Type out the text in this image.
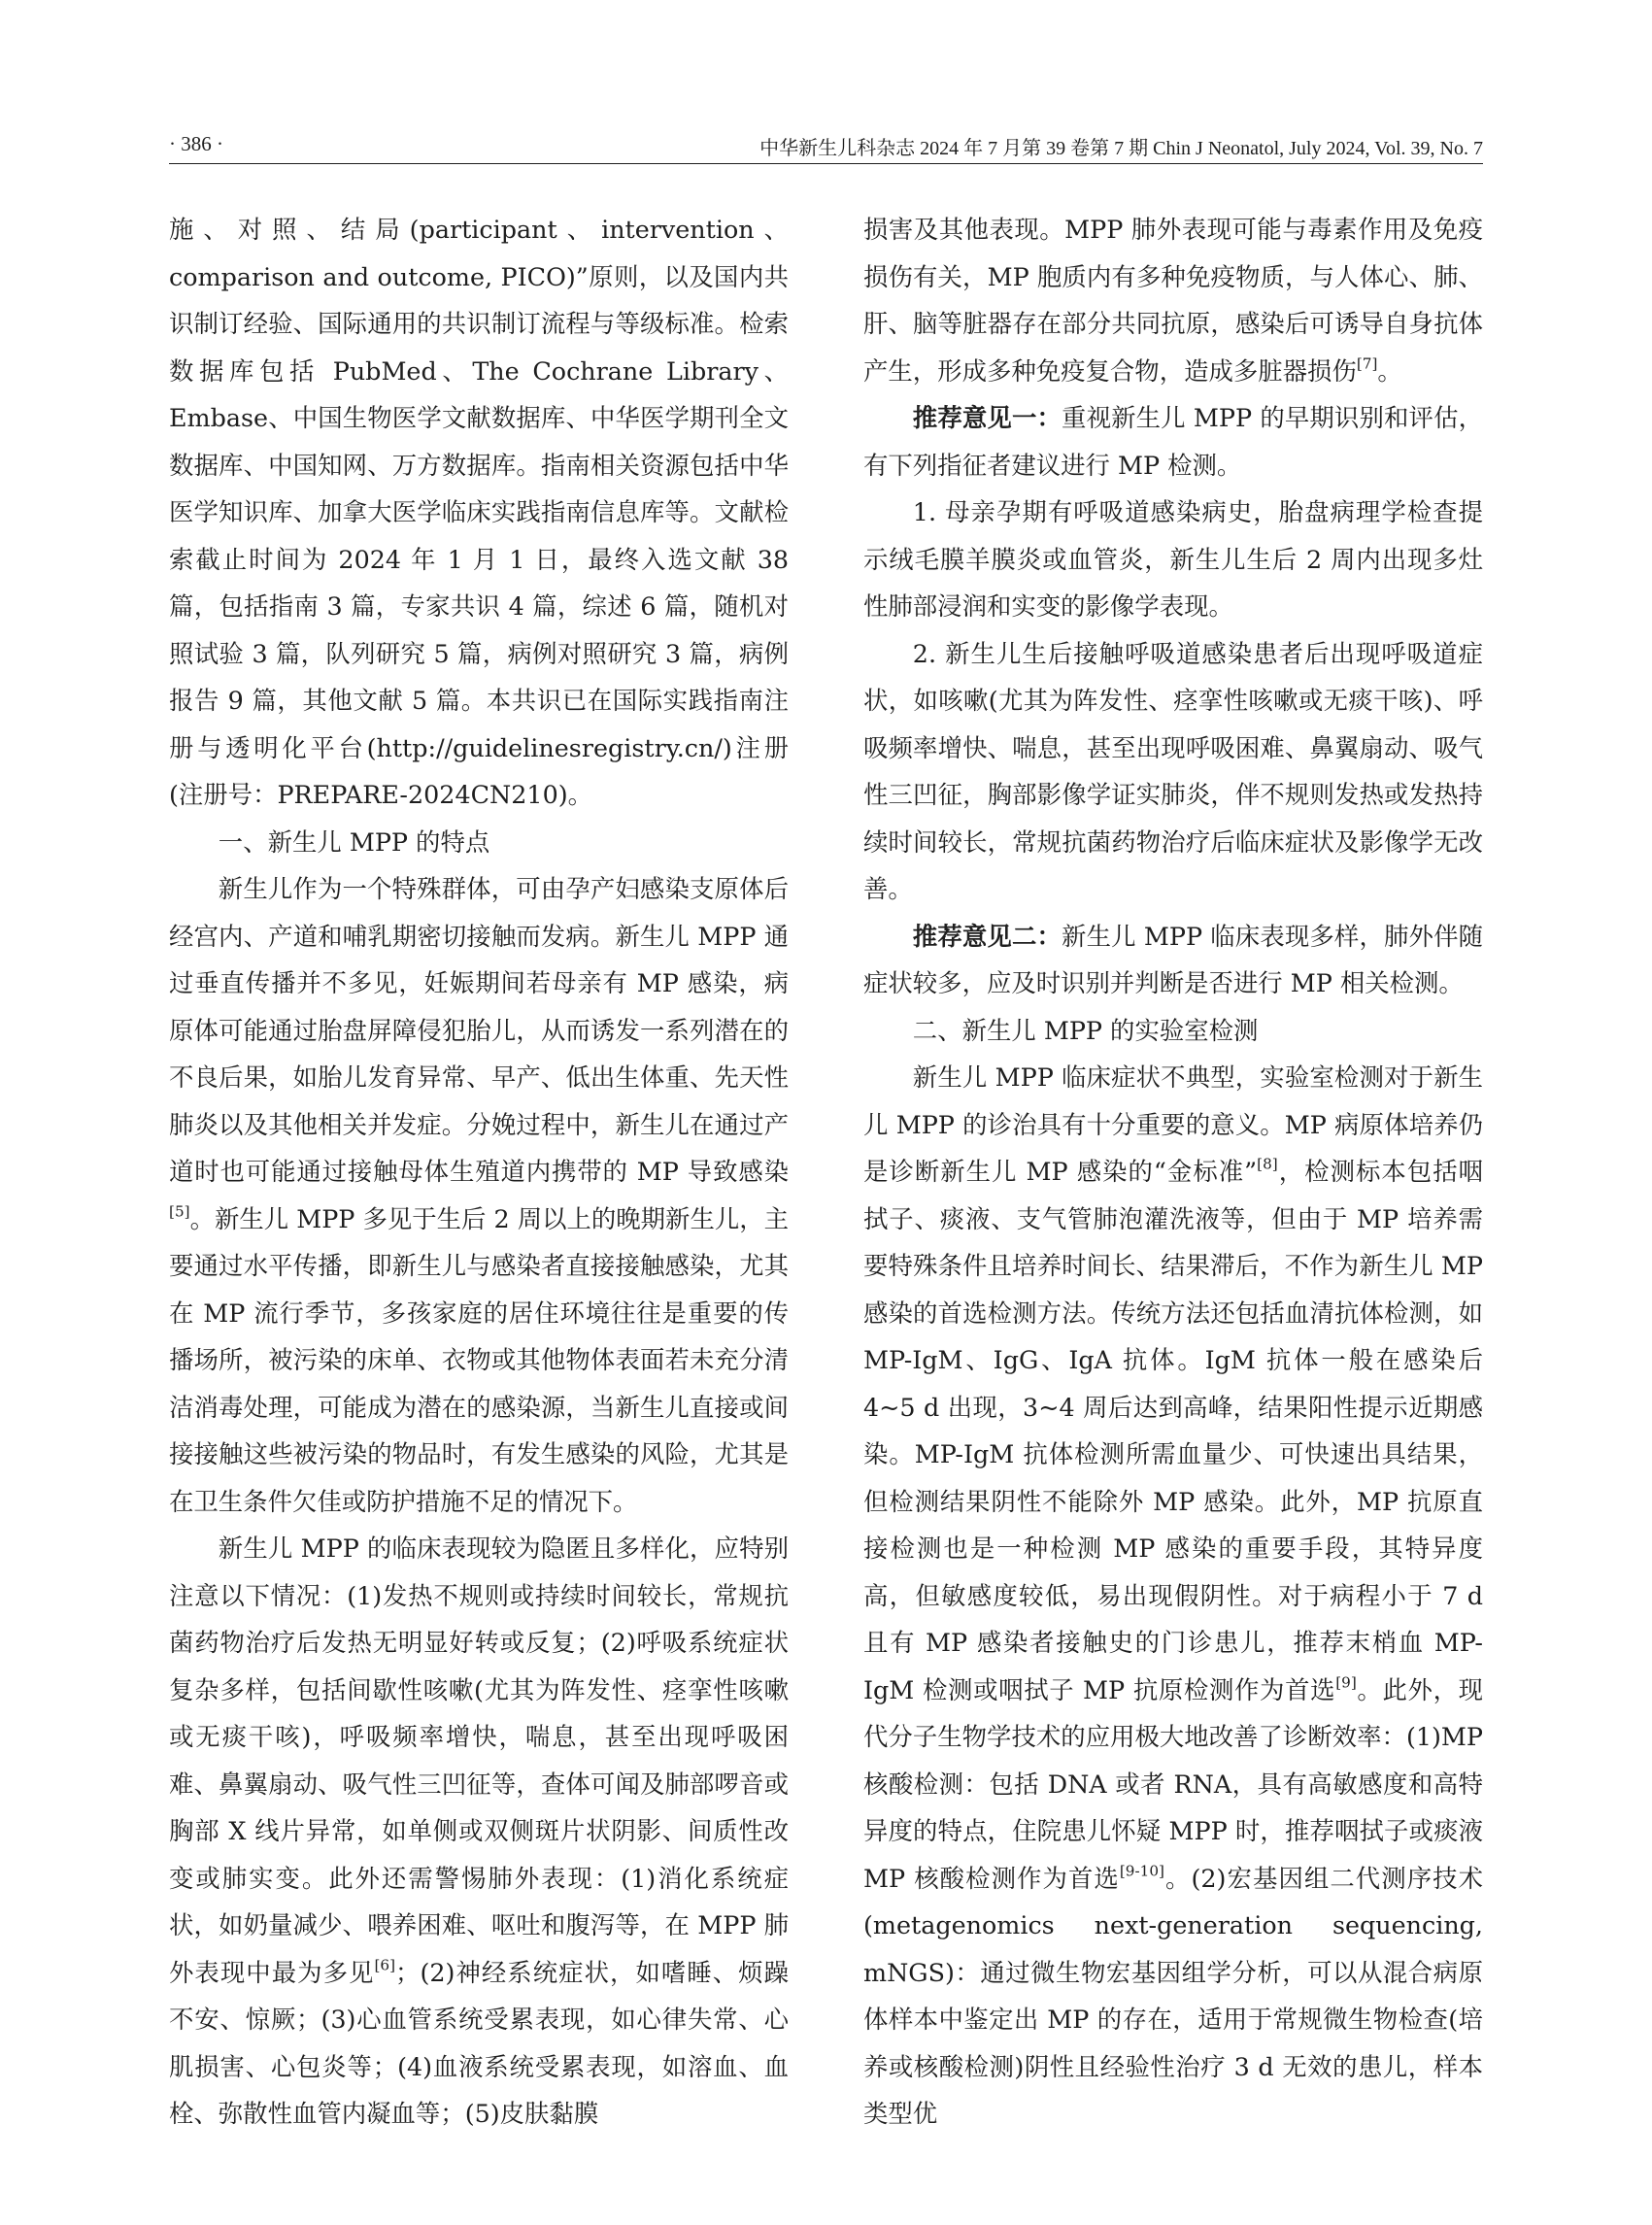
· 386 ·	中华新生儿科杂志 2024 年 7 月第 39 卷第 7 期 Chin J Neonatol, July 2024, Vol. 39, No. 7

施、对照、结局(participant、intervention、comparison and outcome, PICO)”原则，以及国内共识制订经验、国际通用的共识制订流程与等级标准。检索数据库包括 PubMed、The Cochrane Library、Embase、中国生物医学文献数据库、中华医学期刊全文数据库、中国知网、万方数据库。指南相关资源包括中华医学知识库、加拿大医学临床实践指南信息库等。文献检索截止时间为 2024 年 1 月 1 日，最终入选文献 38 篇，包括指南 3 篇，专家共识 4 篇，综述 6 篇，随机对照试验 3 篇，队列研究 5 篇，病例对照研究 3 篇，病例报告 9 篇，其他文献 5 篇。本共识已在国际实践指南注册与透明化平台(http://guidelinesregistry.cn/)注册(注册号：PREPARE-2024CN210)。

一、新生儿 MPP 的特点

新生儿作为一个特殊群体，可由孕产妇感染支原体后经宫内、产道和哺乳期密切接触而发病。新生儿 MPP 通过垂直传播并不多见，妊娠期间若母亲有 MP 感染，病原体可能通过胎盘屏障侵犯胎儿，从而诱发一系列潜在的不良后果，如胎儿发育异常、早产、低出生体重、先天性肺炎以及其他相关并发症。分娩过程中，新生儿在通过产道时也可能通过接触母体生殖道内携带的 MP 导致感染[5]。新生儿 MPP 多见于生后 2 周以上的晚期新生儿，主要通过水平传播，即新生儿与感染者直接接触感染，尤其在 MP 流行季节，多孩家庭的居住环境往往是重要的传播场所，被污染的床单、衣物或其他物体表面若未充分清洁消毒处理，可能成为潜在的感染源，当新生儿直接或间接接触这些被污染的物品时，有发生感染的风险，尤其是在卫生条件欠佳或防护措施不足的情况下。

新生儿 MPP 的临床表现较为隐匿且多样化，应特别注意以下情况：(1)发热不规则或持续时间较长，常规抗菌药物治疗后发热无明显好转或反复；(2)呼吸系统症状复杂多样，包括间歇性咳嗽(尤其为阵发性、痉挛性咳嗽或无痰干咳)，呼吸频率增快，喘息，甚至出现呼吸困难、鼻翼扇动、吸气性三凹征等，查体可闻及肺部啰音或胸部 X 线片异常，如单侧或双侧斑片状阴影、间质性改变或肺实变。此外还需警惕肺外表现：(1)消化系统症状，如奶量减少、喂养困难、呕吐和腹泻等，在 MPP 肺外表现中最为多见[6]；(2)神经系统症状，如嗜睡、烦躁不安、惊厥；(3)心血管系统受累表现，如心律失常、心肌损害、心包炎等；(4)血液系统受累表现，如溶血、血栓、弥散性血管内凝血等；(5)皮肤黏膜

损害及其他表现。MPP 肺外表现可能与毒素作用及免疫损伤有关，MP 胞质内有多种免疫物质，与人体心、肺、肝、脑等脏器存在部分共同抗原，感染后可诱导自身抗体产生，形成多种免疫复合物，造成多脏器损伤[7]。

推荐意见一：重视新生儿 MPP 的早期识别和评估，有下列指征者建议进行 MP 检测。

1. 母亲孕期有呼吸道感染病史，胎盘病理学检查提示绒毛膜羊膜炎或血管炎，新生儿生后 2 周内出现多灶性肺部浸润和实变的影像学表现。

2. 新生儿生后接触呼吸道感染患者后出现呼吸道症状，如咳嗽(尤其为阵发性、痉挛性咳嗽或无痰干咳)、呼吸频率增快、喘息，甚至出现呼吸困难、鼻翼扇动、吸气性三凹征，胸部影像学证实肺炎，伴不规则发热或发热持续时间较长，常规抗菌药物治疗后临床症状及影像学无改善。

推荐意见二：新生儿 MPP 临床表现多样，肺外伴随症状较多，应及时识别并判断是否进行 MP 相关检测。

二、新生儿 MPP 的实验室检测

新生儿 MPP 临床症状不典型，实验室检测对于新生儿 MPP 的诊治具有十分重要的意义。MP 病原体培养仍是诊断新生儿 MP 感染的“金标准”[8]，检测标本包括咽拭子、痰液、支气管肺泡灌洗液等，但由于 MP 培养需要特殊条件且培养时间长、结果滞后，不作为新生儿 MP 感染的首选检测方法。传统方法还包括血清抗体检测，如 MP-IgM、IgG、IgA 抗体。IgM 抗体一般在感染后 4~5 d 出现，3~4 周后达到高峰，结果阳性提示近期感染。MP-IgM 抗体检测所需血量少、可快速出具结果，但检测结果阴性不能除外 MP 感染。此外，MP 抗原直接检测也是一种检测 MP 感染的重要手段，其特异度高，但敏感度较低，易出现假阴性。对于病程小于 7 d 且有 MP 感染者接触史的门诊患儿，推荐末梢血 MP-IgM 检测或咽拭子 MP 抗原检测作为首选[9]。此外，现代分子生物学技术的应用极大地改善了诊断效率：(1)MP 核酸检测：包括 DNA 或者 RNA，具有高敏感度和高特异度的特点，住院患儿怀疑 MPP 时，推荐咽拭子或痰液 MP 核酸检测作为首选[9-10]。(2)宏基因组二代测序技术(metagenomics next-generation sequencing, mNGS)：通过微生物宏基因组学分析，可以从混合病原体样本中鉴定出 MP 的存在，适用于常规微生物检查(培养或核酸检测)阴性且经验性治疗 3 d 无效的患儿，样本类型优
